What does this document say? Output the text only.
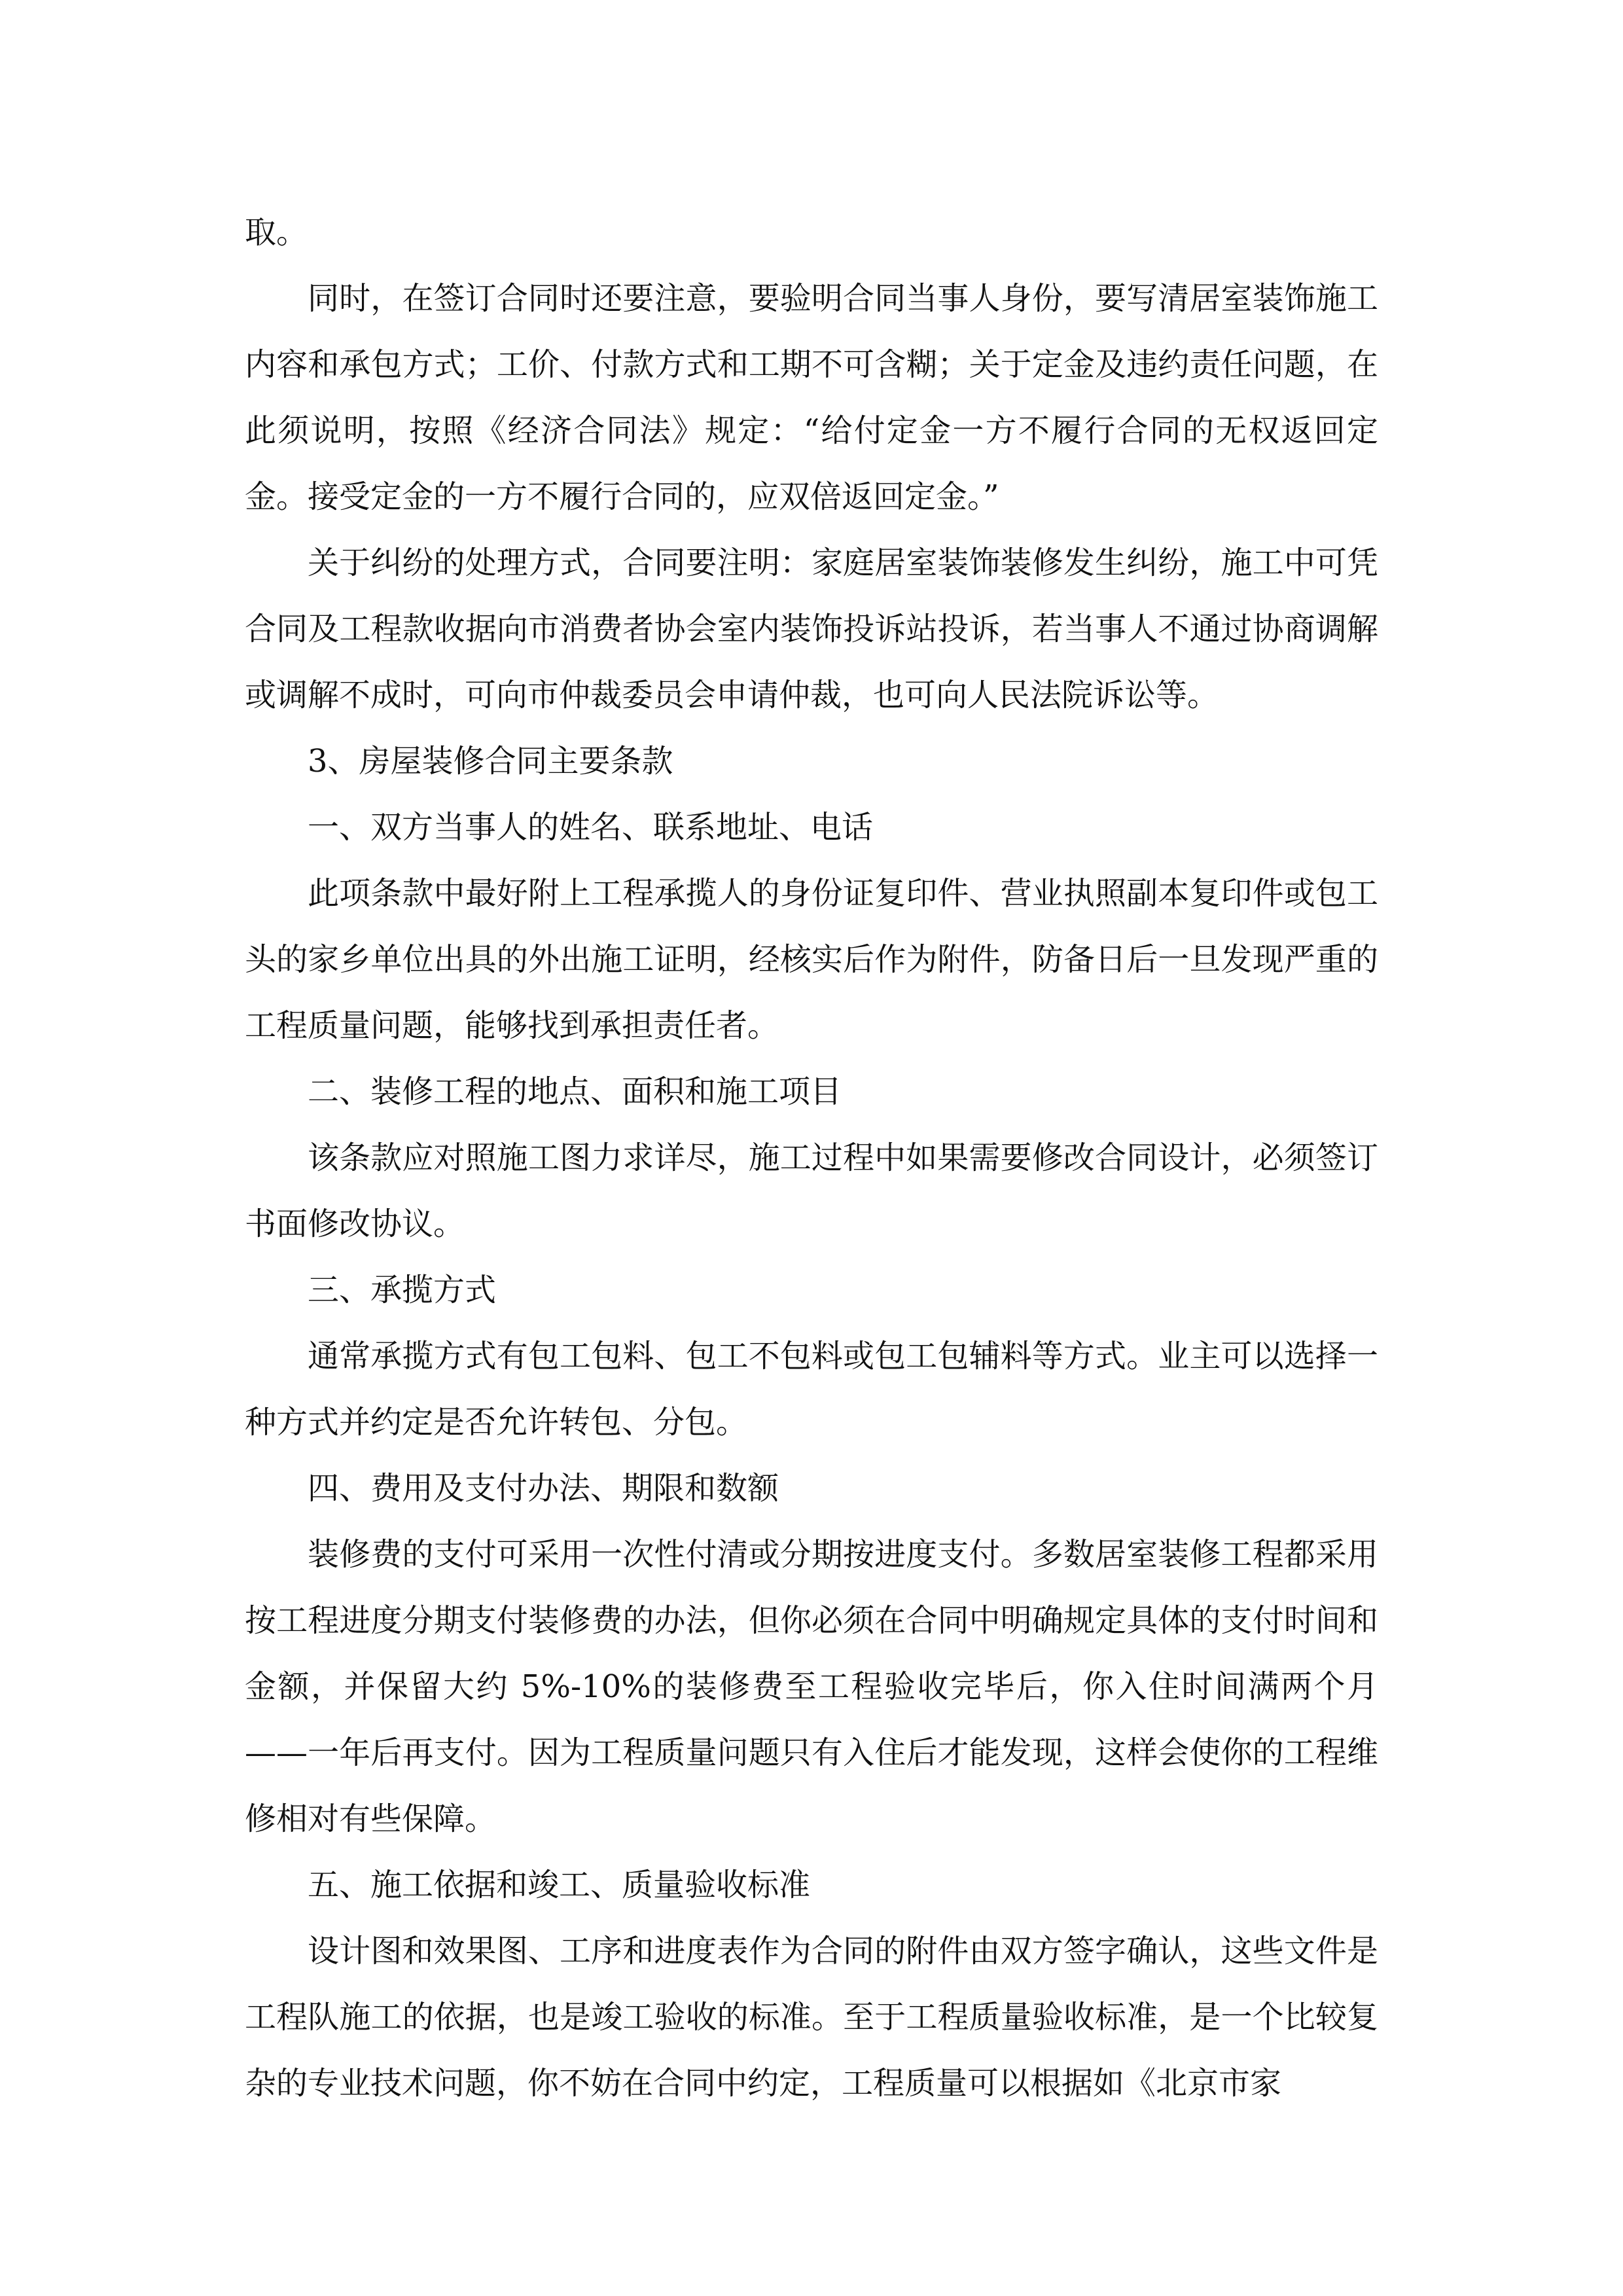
取。

同时，在签订合同时还要注意，要验明合同当事人身份，要写清居室装饰施工内容和承包方式；工价、付款方式和工期不可含糊；关于定金及违约责任问题，在此须说明，按照《经济合同法》规定：“给付定金一方不履行合同的无权返回定金。接受定金的一方不履行合同的，应双倍返回定金。”

关于纠纷的处理方式，合同要注明：家庭居室装饰装修发生纠纷，施工中可凭合同及工程款收据向市消费者协会室内装饰投诉站投诉，若当事人不通过协商调解或调解不成时，可向市仲裁委员会申请仲裁，也可向人民法院诉讼等。

3、房屋装修合同主要条款

一、双方当事人的姓名、联系地址、电话

此项条款中最好附上工程承揽人的身份证复印件、营业执照副本复印件或包工头的家乡单位出具的外出施工证明，经核实后作为附件，防备日后一旦发现严重的工程质量问题，能够找到承担责任者。

二、装修工程的地点、面积和施工项目

该条款应对照施工图力求详尽，施工过程中如果需要修改合同设计，必须签订书面修改协议。

三、承揽方式

通常承揽方式有包工包料、包工不包料或包工包辅料等方式。业主可以选择一种方式并约定是否允许转包、分包。

四、费用及支付办法、期限和数额

装修费的支付可采用一次性付清或分期按进度支付。多数居室装修工程都采用按工程进度分期支付装修费的办法，但你必须在合同中明确规定具体的支付时间和金额，并保留大约 5%-10%的装修费至工程验收完毕后，你入住时间满两个月——一年后再支付。因为工程质量问题只有入住后才能发现，这样会使你的工程维修相对有些保障。

五、施工依据和竣工、质量验收标准

设计图和效果图、工序和进度表作为合同的附件由双方签字确认，这些文件是工程队施工的依据，也是竣工验收的标准。至于工程质量验收标准，是一个比较复杂的专业技术问题，你不妨在合同中约定，工程质量可以根据如《北京市家
